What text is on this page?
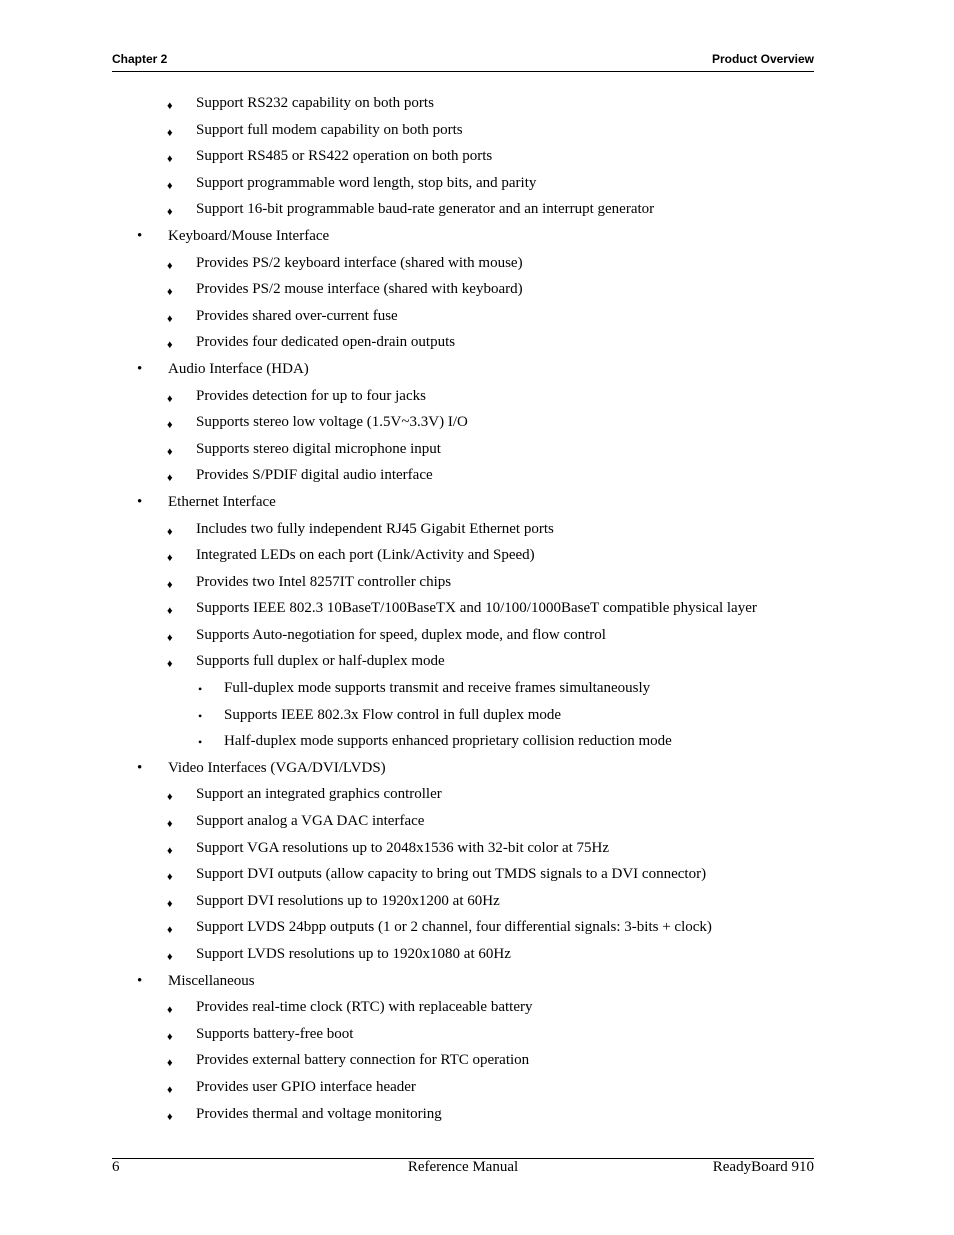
Chapter 2	Product Overview
♦ Support RS232 capability on both ports
♦ Support full modem capability on both ports
♦ Support RS485 or RS422 operation on both ports
♦ Support programmable word length, stop bits, and parity
♦ Support 16-bit programmable baud-rate generator and an interrupt generator
• Keyboard/Mouse Interface
♦ Provides PS/2 keyboard interface (shared with mouse)
♦ Provides PS/2 mouse interface (shared with keyboard)
♦ Provides shared over-current fuse
♦ Provides four dedicated open-drain outputs
• Audio Interface (HDA)
♦ Provides detection for up to four jacks
♦ Supports stereo low voltage (1.5V~3.3V) I/O
♦ Supports stereo digital microphone input
♦ Provides S/PDIF digital audio interface
• Ethernet Interface
♦ Includes two fully independent RJ45 Gigabit Ethernet ports
♦ Integrated LEDs on each port (Link/Activity and Speed)
♦ Provides two Intel 8257IT controller chips
♦ Supports IEEE 802.3 10BaseT/100BaseTX and 10/100/1000BaseT compatible physical layer
♦ Supports Auto-negotiation for speed, duplex mode, and flow control
♦ Supports full duplex or half-duplex mode
• Full-duplex mode supports transmit and receive frames simultaneously
• Supports IEEE 802.3x Flow control in full duplex mode
• Half-duplex mode supports enhanced proprietary collision reduction mode
• Video Interfaces (VGA/DVI/LVDS)
♦ Support an integrated graphics controller
♦ Support analog a VGA DAC interface
♦ Support VGA resolutions up to 2048x1536 with 32-bit color at 75Hz
♦ Support DVI outputs (allow capacity to bring out TMDS signals to a DVI connector)
♦ Support DVI resolutions up to 1920x1200 at 60Hz
♦ Support LVDS 24bpp outputs (1 or 2 channel, four differential signals: 3-bits + clock)
♦ Support LVDS resolutions up to 1920x1080 at 60Hz
• Miscellaneous
♦ Provides real-time clock (RTC) with replaceable battery
♦ Supports battery-free boot
♦ Provides external battery connection for RTC operation
♦ Provides user GPIO interface header
♦ Provides thermal and voltage monitoring
6	Reference Manual	ReadyBoard 910
